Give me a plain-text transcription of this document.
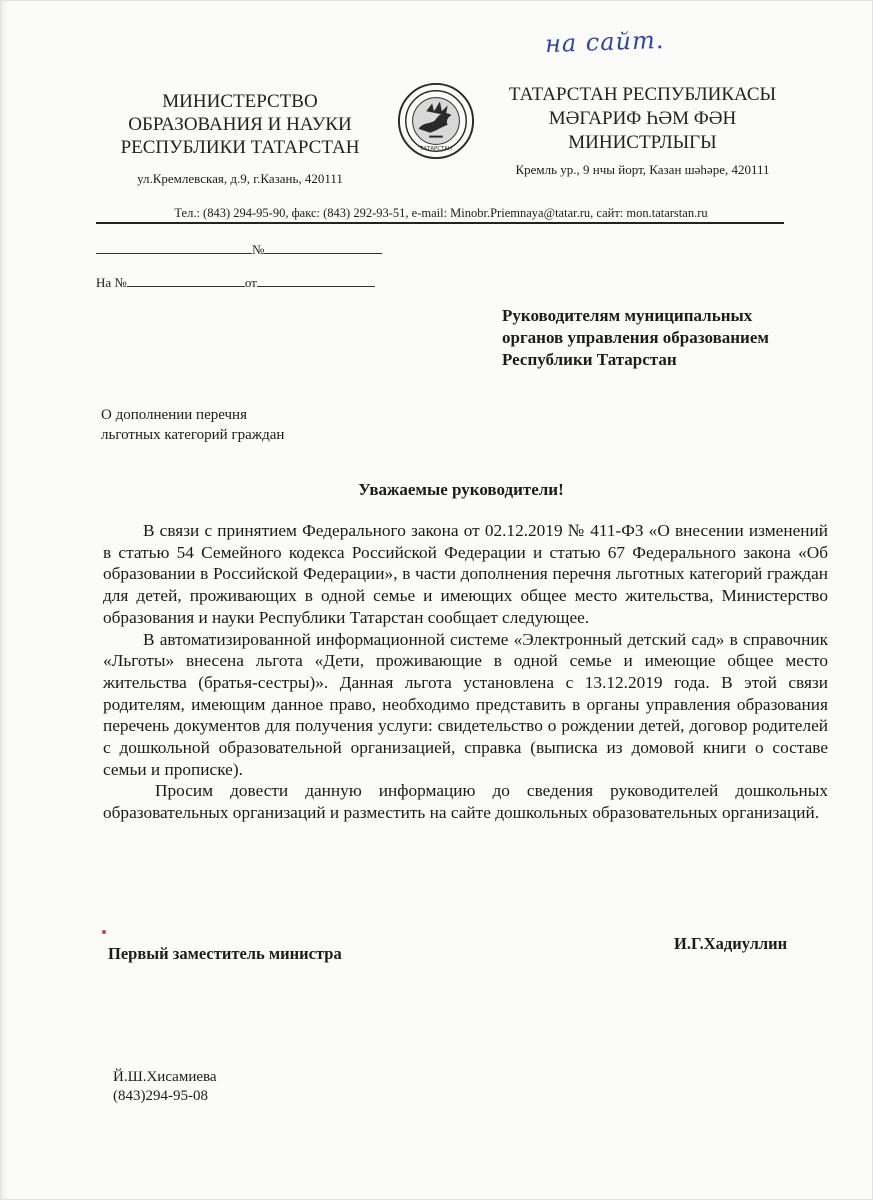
на сайт.
МИНИСТЕРСТВО
ОБРАЗОВАНИЯ И НАУКИ
РЕСПУБЛИКИ ТАТАРСТАН	ТАТАРСТАН
ТАТАРСТАН РЕСПУБЛИКАСЫ
МӘГАРИФ ҺӘМ ФӘН
МИНИСТРЛЫГЫ
ул.Кремлевская, д.9, г.Казань, 420111
Кремль ур., 9 нчы йорт, Казан шәһәре, 420111
Тел.: (843) 294-95-90, факс: (843) 292-93-51, e-mail: Minobr.Priemnaya@tatar.ru, сайт: mon.tatarstan.ru
№
На №	от
Руководителям муниципальных
органов управления образованием
Республики Татарстан
О дополнении перечня
льготных категорий граждан
Уважаемые руководители!

В связи с принятием Федерального закона от 02.12.2019 № 411-ФЗ «О внесении изменений в статью 54 Семейного кодекса Российской Федерации и статью 67 Федерального закона «Об образовании в Российской Федерации», в части дополнения перечня льготных категорий граждан для детей, проживающих в одной семье и имеющих общее место жительства, Министерство образования и науки Республики Татарстан сообщает следующее.

В автоматизированной информационной системе «Электронный детский сад» в справочник «Льготы» внесена льгота «Дети, проживающие в одной семье и имеющие общее место жительства (братья-сестры)». Данная льгота установлена с 13.12.2019 года. В этой связи родителям, имеющим данное право, необходимо представить в органы управления образования перечень документов для получения услуги: свидетельство о рождении детей, договор родителей с дошкольной образовательной организацией, справка (выписка из домовой книги о составе семьи и прописке).

Просим довести данную информацию до сведения руководителей дошкольных образовательных организаций и разместить на сайте дошкольных образовательных организаций.

Первый заместитель министра
И.Г.Хадиуллин
Й.Ш.Хисамиева
(843)294-95-08
